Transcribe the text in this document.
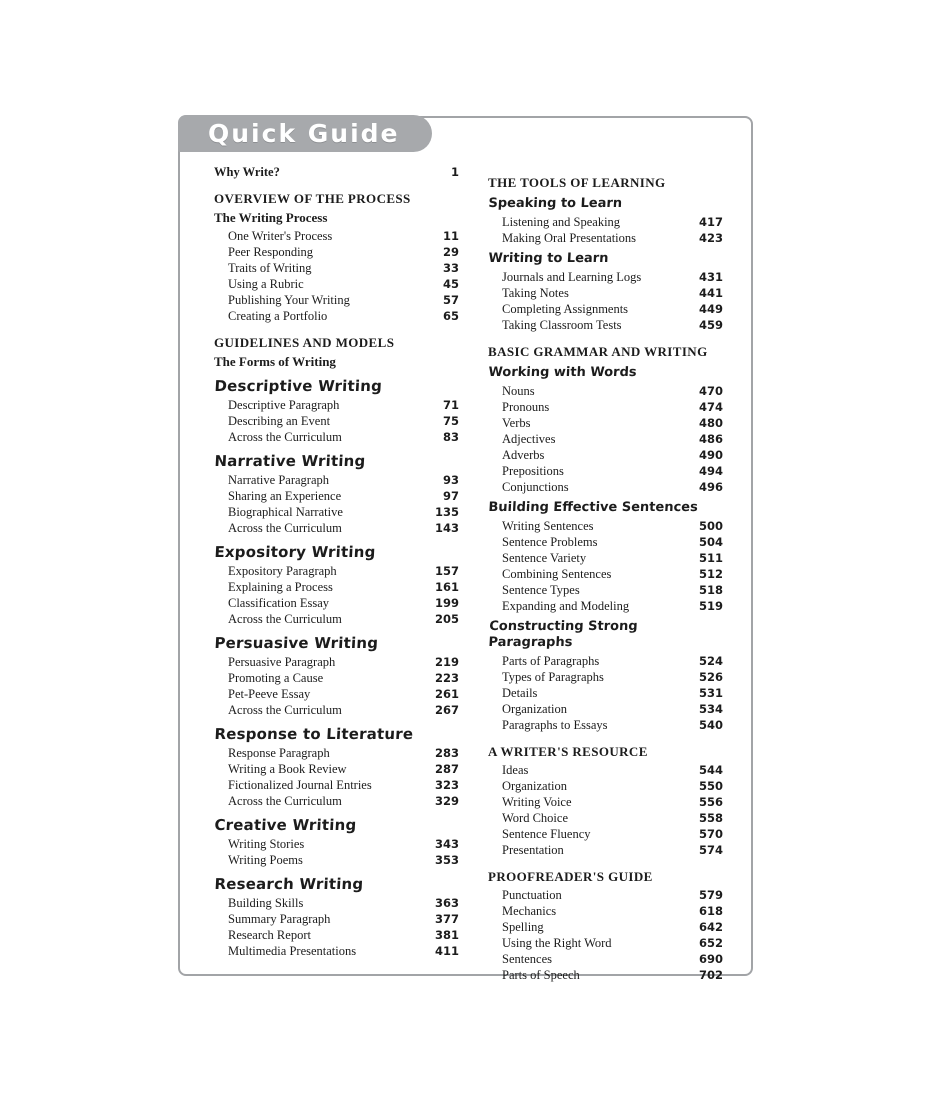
Why Write?	1
OVERVIEW OF THE PROCESS
The Writing Process
One Writer's Process	11
Peer Responding	29
Traits of Writing	33
Using a Rubric	45
Publishing Your Writing	57
Creating a Portfolio	65
GUIDELINES AND MODELS
The Forms of Writing
Descriptive Writing
Descriptive Paragraph	71
Describing an Event	75
Across the Curriculum	83
Narrative Writing
Narrative Paragraph	93
Sharing an Experience	97
Biographical Narrative	135
Across the Curriculum	143
Expository Writing
Expository Paragraph	157
Explaining a Process	161
Classification Essay	199
Across the Curriculum	205
Persuasive Writing
Persuasive Paragraph	219
Promoting a Cause	223
Pet-Peeve Essay	261
Across the Curriculum	267
Response to Literature
Response Paragraph	283
Writing a Book Review	287
Fictionalized Journal Entries	323
Across the Curriculum	329
Creative Writing
Writing Stories	343
Writing Poems	353
Research Writing
Building Skills	363
Summary Paragraph	377
Research Report	381
Multimedia Presentations	411
THE TOOLS OF LEARNING
Speaking to Learn
Listening and Speaking	417
Making Oral Presentations	423
Writing to Learn
Journals and Learning Logs	431
Taking Notes	441
Completing Assignments	449
Taking Classroom Tests	459
BASIC GRAMMAR AND WRITING
Working with Words
Nouns	470
Pronouns	474
Verbs	480
Adjectives	486
Adverbs	490
Prepositions	494
Conjunctions	496
Building Effective Sentences
Writing Sentences	500
Sentence Problems	504
Sentence Variety	511
Combining Sentences	512
Sentence Types	518
Expanding and Modeling	519
Constructing Strong Paragraphs
Parts of Paragraphs	524
Types of Paragraphs	526
Details	531
Organization	534
Paragraphs to Essays	540
A WRITER'S RESOURCE
Ideas	544
Organization	550
Writing Voice	556
Word Choice	558
Sentence Fluency	570
Presentation	574
PROOFREADER'S GUIDE
Punctuation	579
Mechanics	618
Spelling	642
Using the Right Word	652
Sentences	690
Parts of Speech	702
Quick Guide
